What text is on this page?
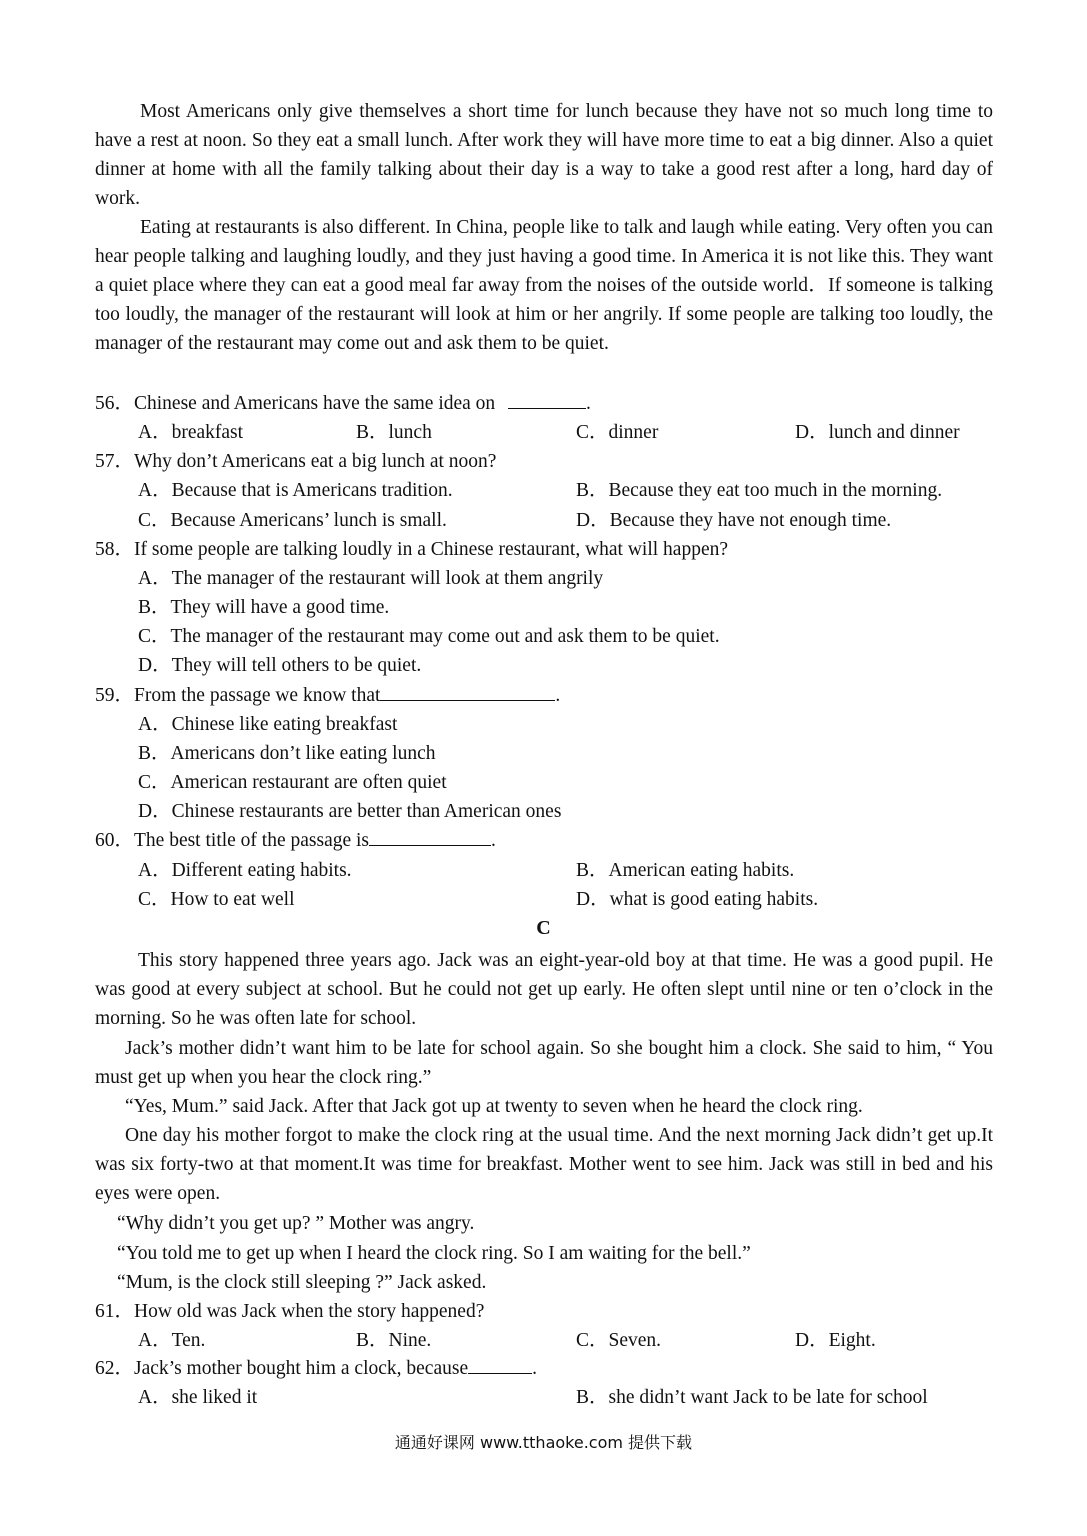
Most Americans only give themselves a short time for lunch because they have not so much long time to have a rest at noon. So they eat a small lunch. After work they will have more time to eat a big dinner. Also a quiet dinner at home with all the family talking about their day is a way to take a good rest after a long, hard day of work.

Eating at restaurants is also different. In China, people like to talk and laugh while eating. Very often you can hear people talking and laughing loudly, and they just having a good time. In America it is not like this. They want a quiet place where they can eat a good meal far away from the noises of the outside world．If someone is talking too loudly, the manager of the restaurant will look at him or her angrily. If some people are talking too loudly, the manager of the restaurant may come out and ask them to be quiet.

56．Chinese and Americans have the same idea on	.
A．breakfast	B．lunch	C．dinner	D．lunch and dinner
57．Why don’t Americans eat a big lunch at noon?
A．Because that is Americans tradition.	B．Because they eat too much in the morning.
C．Because Americans’ lunch is small.	D．Because they have not enough time.
58．If some people are talking loudly in a Chinese restaurant, what will happen?
A．The manager of the restaurant will look at them angrily
B．They will have a good time.
C．The manager of the restaurant may come out and ask them to be quiet.
D．They will tell others to be quiet.
59．From the passage we know that	.
A．Chinese like eating breakfast
B．Americans don’t like eating lunch
C．American restaurant are often quiet
D．Chinese restaurants are better than American ones
60．The best title of the passage is	.
A．Different eating habits.	B．American eating habits.
C．How to eat well	D．what is good eating habits.
C

This story happened three years ago. Jack was an eight-year-old boy at that time. He was a good pupil. He was good at every subject at school. But he could not get up early. He often slept until nine or ten o’clock in the morning. So he was often late for school.

Jack’s mother didn’t want him to be late for school again. So she bought him a clock. She said to him, “ You must get up when you hear the clock ring.”

“Yes, Mum.” said Jack. After that Jack got up at twenty to seven when he heard the clock ring.

One day his mother forgot to make the clock ring at the usual time. And the next morning Jack didn’t get up.It was six forty-two at that moment.It was time for breakfast. Mother went to see him. Jack was still in bed and his eyes were open.

“Why didn’t you get up? ” Mother was angry.

“You told me to get up when I heard the clock ring. So I am waiting for the bell.”

“Mum, is the clock still sleeping ?” Jack asked.

61．How old was Jack when the story happened?
A．Ten.	B．Nine.	C．Seven.	D．Eight.
62．Jack’s mother bought him a clock, because	.
A．she liked it	B．she didn’t want Jack to be late for school
通通好课网 www.tthaoke.com 提供下载
